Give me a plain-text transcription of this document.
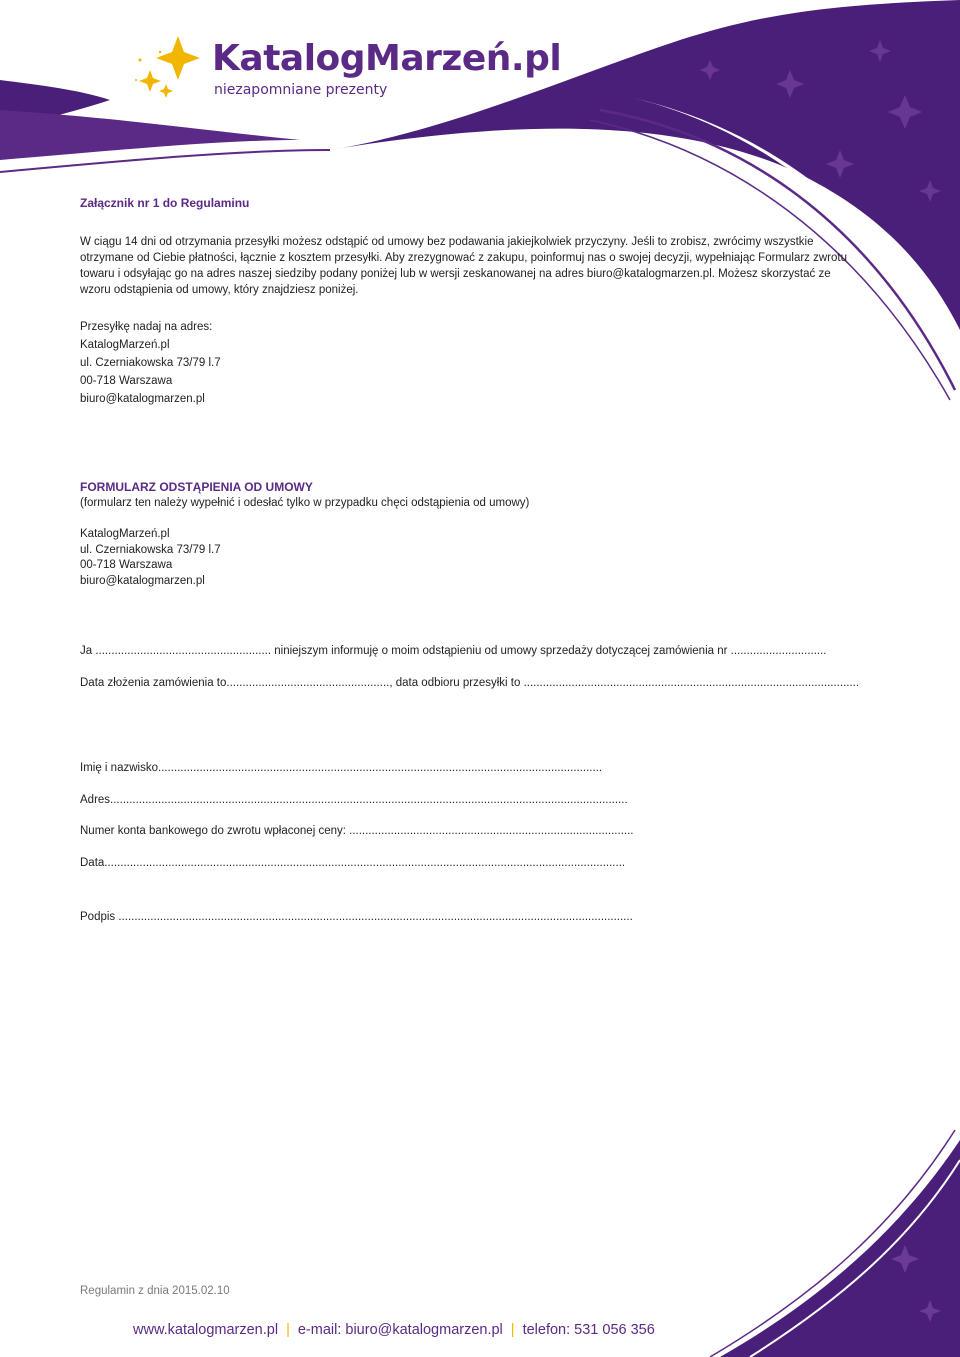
KatalogMarzeń.pl
niezapomniane prezenty
Załącznik nr 1 do Regulaminu
W ciągu 14 dni od otrzymania przesyłki możesz odstąpić od umowy bez podawania jakiejkolwiek przyczyny. Jeśli to zrobisz, zwrócimy wszystkie otrzymane od Ciebie płatności, łącznie z kosztem przesyłki. Aby zrezygnować z zakupu, poinformuj nas o swojej decyzji, wypełniając Formularz zwrotu towaru i odsyłając go na adres naszej siedziby podany poniżej lub w wersji zeskanowanej na adres biuro@katalogmarzen.pl. Możesz skorzystać ze wzoru odstąpienia od umowy, który znajdziesz poniżej.
Przesyłkę nadaj na adres:
KatalogMarzeń.pl
ul. Czerniakowska 73/79 l.7
00-718 Warszawa
biuro@katalogmarzen.pl
FORMULARZ ODSTĄPIENIA OD UMOWY
(formularz ten należy wypełnić i odesłać tylko w przypadku chęci odstąpienia od umowy)
KatalogMarzeń.pl
ul. Czerniakowska 73/79 l.7
00-718 Warszawa
biuro@katalogmarzen.pl
Ja ....................................................... niniejszym informuję o moim odstąpieniu od umowy sprzedaży dotyczącej zamówienia nr ..............................
Data złożenia zamówienia to..................................................., data odbioru przesyłki to .........................................................................................................
Imię i nazwisko...........................................................................................................................................
Adres..................................................................................................................................................................
Numer konta bankowego do zwrotu wpłaconej ceny: .........................................................................................
Data...................................................................................................................................................................
Podpis .................................................................................................................................................................
Regulamin z dnia 2015.02.10
www.katalogmarzen.pl | e-mail: biuro@katalogmarzen.pl | telefon: 531 056 356
